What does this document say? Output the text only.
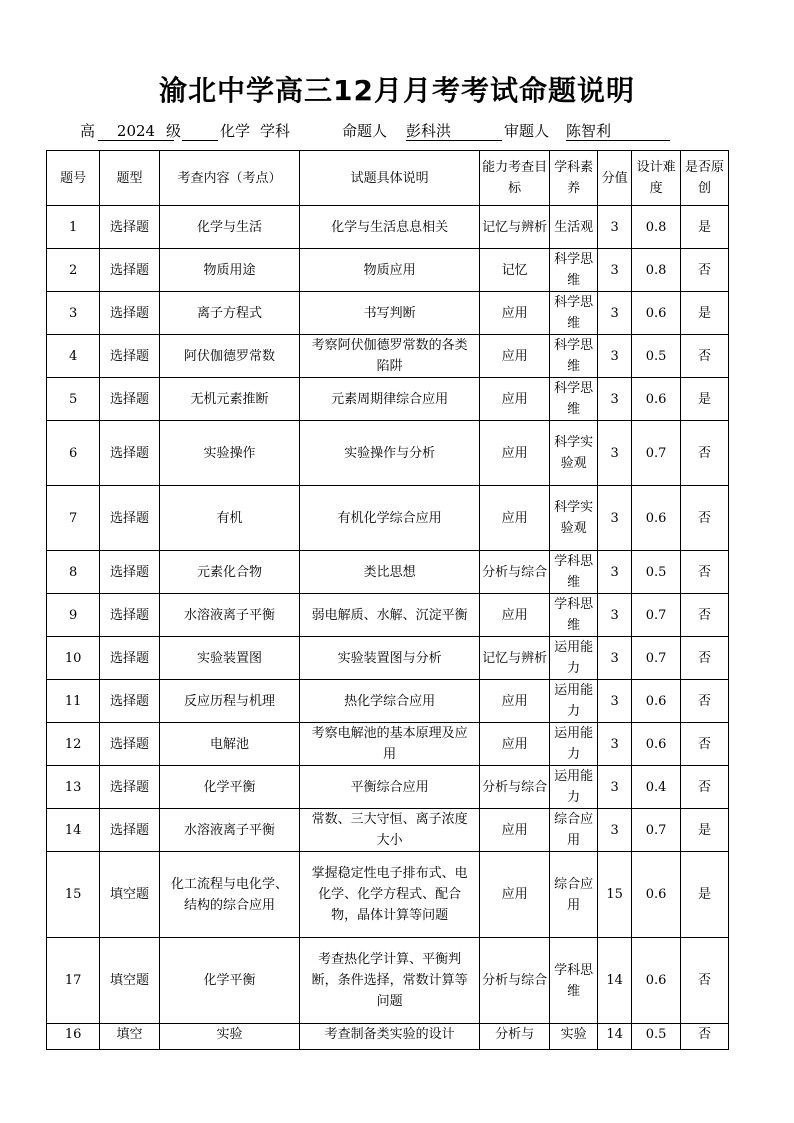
渝北中学高三12月月考考试命题说明
高	2024 级	化学 学科	命题人 彭科洪	审题人 陈智利
题号	题型	考查内容（考点）	试题具体说明	能力考查目标	学科素养	分值	设计难度	是否原创
1	选择题	化学与生活	化学与生活息息相关	记忆与辨析	生活观	3	0.8	是
2	选择题	物质用途	物质应用	记忆	科学思维	3	0.8	否
3	选择题	离子方程式	书写判断	应用	科学思维	3	0.6	是
4	选择题	阿伏伽德罗常数	考察阿伏伽德罗常数的各类陷阱	应用	科学思维	3	0.5	否
5	选择题	无机元素推断	元素周期律综合应用	应用	科学思维	3	0.6	是
6	选择题	实验操作	实验操作与分析	应用	科学实验观	3	0.7	否
7	选择题	有机	有机化学综合应用	应用	科学实验观	3	0.6	否
8	选择题	元素化合物	类比思想	分析与综合	学科思维	3	0.5	否
9	选择题	水溶液离子平衡	弱电解质、水解、沉淀平衡	应用	学科思维	3	0.7	否
10	选择题	实验装置图	实验装置图与分析	记忆与辨析	运用能力	3	0.7	否
11	选择题	反应历程与机理	热化学综合应用	应用	运用能力	3	0.6	否
12	选择题	电解池	考察电解池的基本原理及应用	应用	运用能力	3	0.6	否
13	选择题	化学平衡	平衡综合应用	分析与综合	运用能力	3	0.4	否
14	选择题	水溶液离子平衡	常数、三大守恒、离子浓度大小	应用	综合应用	3	0.7	是
15	填空题	化工流程与电化学、结构的综合应用	掌握稳定性电子排布式、电化学、化学方程式、配合物，晶体计算等问题	应用	综合应用	15	0.6	是
17	填空题	化学平衡	考查热化学计算、平衡判断，条件选择，常数计算等问题	分析与综合	学科思维	14	0.6	否
16	填空	实验	考查制备类实验的设计	分析与	实验	14	0.5	否
